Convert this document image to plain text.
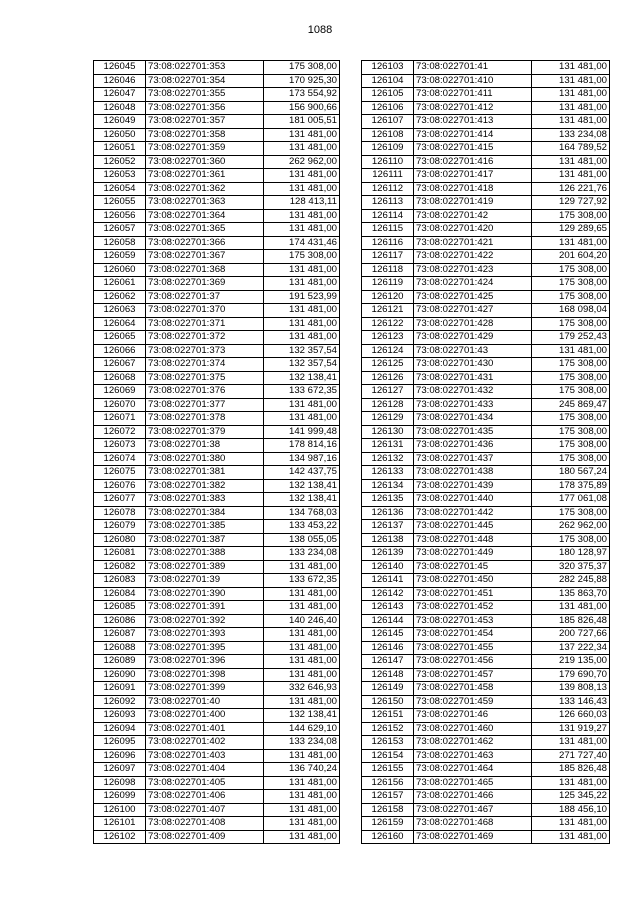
1088
126045	73:08:022701:353	175 308,00
126046	73:08:022701:354	170 925,30
126047	73:08:022701:355	173 554,92
126048	73:08:022701:356	156 900,66
126049	73:08:022701:357	181 005,51
126050	73:08:022701:358	131 481,00
126051	73:08:022701:359	131 481,00
126052	73:08:022701:360	262 962,00
126053	73:08:022701:361	131 481,00
126054	73:08:022701:362	131 481,00
126055	73:08:022701:363	128 413,11
126056	73:08:022701:364	131 481,00
126057	73:08:022701:365	131 481,00
126058	73:08:022701:366	174 431,46
126059	73:08:022701:367	175 308,00
126060	73:08:022701:368	131 481,00
126061	73:08:022701:369	131 481,00
126062	73:08:022701:37	191 523,99
126063	73:08:022701:370	131 481,00
126064	73:08:022701:371	131 481,00
126065	73:08:022701:372	131 481,00
126066	73:08:022701:373	132 357,54
126067	73:08:022701:374	132 357,54
126068	73:08:022701:375	132 138,41
126069	73:08:022701:376	133 672,35
126070	73:08:022701:377	131 481,00
126071	73:08:022701:378	131 481,00
126072	73:08:022701:379	141 999,48
126073	73:08:022701:38	178 814,16
126074	73:08:022701:380	134 987,16
126075	73:08:022701:381	142 437,75
126076	73:08:022701:382	132 138,41
126077	73:08:022701:383	132 138,41
126078	73:08:022701:384	134 768,03
126079	73:08:022701:385	133 453,22
126080	73:08:022701:387	138 055,05
126081	73:08:022701:388	133 234,08
126082	73:08:022701:389	131 481,00
126083	73:08:022701:39	133 672,35
126084	73:08:022701:390	131 481,00
126085	73:08:022701:391	131 481,00
126086	73:08:022701:392	140 246,40
126087	73:08:022701:393	131 481,00
126088	73:08:022701:395	131 481,00
126089	73:08:022701:396	131 481,00
126090	73:08:022701:398	131 481,00
126091	73:08:022701:399	332 646,93
126092	73:08:022701:40	131 481,00
126093	73:08:022701:400	132 138,41
126094	73:08:022701:401	144 629,10
126095	73:08:022701:402	133 234,08
126096	73:08:022701:403	131 481,00
126097	73:08:022701:404	136 740,24
126098	73:08:022701:405	131 481,00
126099	73:08:022701:406	131 481,00
126100	73:08:022701:407	131 481,00
126101	73:08:022701:408	131 481,00
126102	73:08:022701:409	131 481,00
126103	73:08:022701:41	131 481,00
126104	73:08:022701:410	131 481,00
126105	73:08:022701:411	131 481,00
126106	73:08:022701:412	131 481,00
126107	73:08:022701:413	131 481,00
126108	73:08:022701:414	133 234,08
126109	73:08:022701:415	164 789,52
126110	73:08:022701:416	131 481,00
126111	73:08:022701:417	131 481,00
126112	73:08:022701:418	126 221,76
126113	73:08:022701:419	129 727,92
126114	73:08:022701:42	175 308,00
126115	73:08:022701:420	129 289,65
126116	73:08:022701:421	131 481,00
126117	73:08:022701:422	201 604,20
126118	73:08:022701:423	175 308,00
126119	73:08:022701:424	175 308,00
126120	73:08:022701:425	175 308,00
126121	73:08:022701:427	168 098,04
126122	73:08:022701:428	175 308,00
126123	73:08:022701:429	179 252,43
126124	73:08:022701:43	131 481,00
126125	73:08:022701:430	175 308,00
126126	73:08:022701:431	175 308,00
126127	73:08:022701:432	175 308,00
126128	73:08:022701:433	245 869,47
126129	73:08:022701:434	175 308,00
126130	73:08:022701:435	175 308,00
126131	73:08:022701:436	175 308,00
126132	73:08:022701:437	175 308,00
126133	73:08:022701:438	180 567,24
126134	73:08:022701:439	178 375,89
126135	73:08:022701:440	177 061,08
126136	73:08:022701:442	175 308,00
126137	73:08:022701:445	262 962,00
126138	73:08:022701:448	175 308,00
126139	73:08:022701:449	180 128,97
126140	73:08:022701:45	320 375,37
126141	73:08:022701:450	282 245,88
126142	73:08:022701:451	135 863,70
126143	73:08:022701:452	131 481,00
126144	73:08:022701:453	185 826,48
126145	73:08:022701:454	200 727,66
126146	73:08:022701:455	137 222,34
126147	73:08:022701:456	219 135,00
126148	73:08:022701:457	179 690,70
126149	73:08:022701:458	139 808,13
126150	73:08:022701:459	133 146,43
126151	73:08:022701:46	126 660,03
126152	73:08:022701:460	131 919,27
126153	73:08:022701:462	131 481,00
126154	73:08:022701:463	271 727,40
126155	73:08:022701:464	185 826,48
126156	73:08:022701:465	131 481,00
126157	73:08:022701:466	125 345,22
126158	73:08:022701:467	188 456,10
126159	73:08:022701:468	131 481,00
126160	73:08:022701:469	131 481,00
